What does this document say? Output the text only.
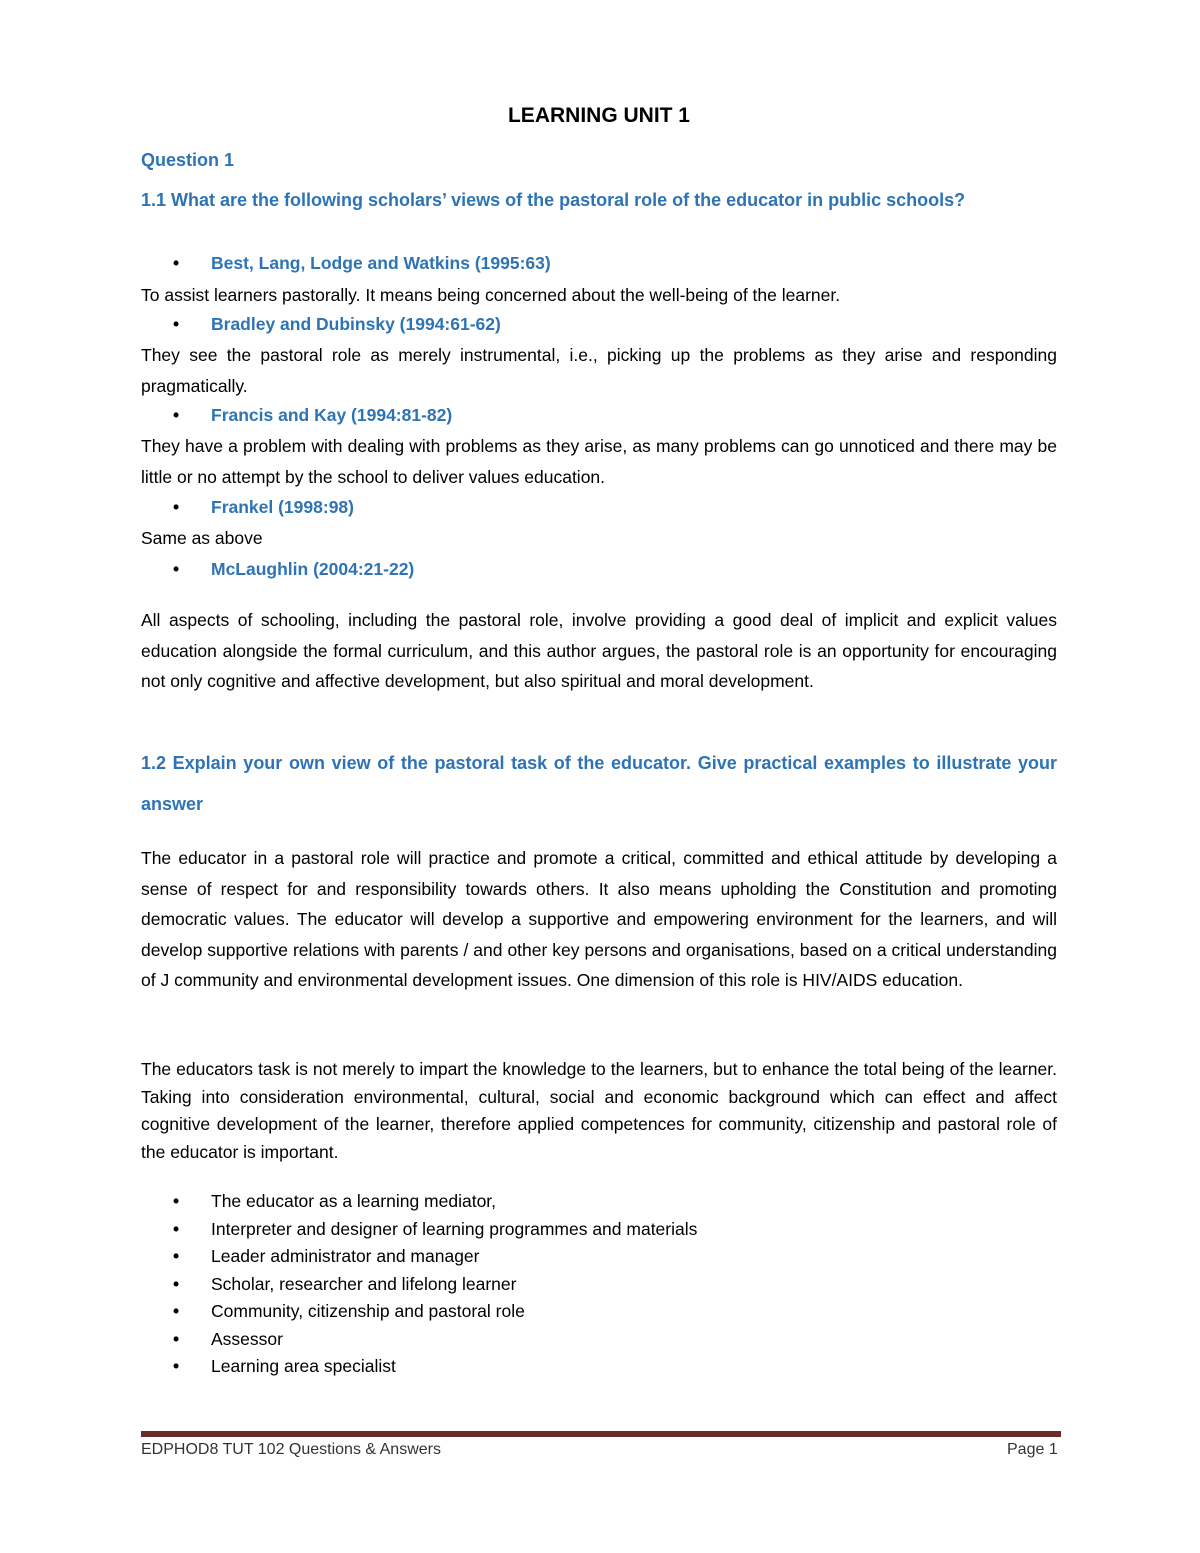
LEARNING UNIT 1
Question 1
1.1 What are the following scholars’ views of the pastoral role of the educator in public schools?
• Best, Lang, Lodge and Watkins (1995:63)
To assist learners pastorally. It means being concerned about the well-being of the learner.
• Bradley and Dubinsky (1994:61-62)
They see the pastoral role as merely instrumental, i.e., picking up the problems as they arise and responding pragmatically.
• Francis and Kay (1994:81-82)
They have a problem with dealing with problems as they arise, as many problems can go unnoticed and there may be little or no attempt by the school to deliver values education.
• Frankel (1998:98)
Same as above
• McLaughlin (2004:21-22)
All aspects of schooling, including the pastoral role, involve providing a good deal of implicit and explicit values education alongside the formal curriculum, and this author argues, the pastoral role is an opportunity for encouraging not only cognitive and affective development, but also spiritual and moral development.
1.2 Explain your own view of the pastoral task of the educator. Give practical examples to illustrate your answer
The educator in a pastoral role will practice and promote a critical, committed and ethical attitude by developing a sense of respect for and responsibility towards others. It also means upholding the Constitution and promoting democratic values. The educator will develop a supportive and empowering environment for the learners, and will develop supportive relations with parents / and other key persons and organisations, based on a critical understanding of J community and environmental development issues. One dimension of this role is HIV/AIDS education.
The educators task is not merely to impart the knowledge to the learners, but to enhance the total being of the learner. Taking into consideration environmental, cultural, social and economic background which can effect and affect cognitive development of the learner, therefore applied competences for community, citizenship and pastoral role of the educator is important.
• The educator as a learning mediator,
• Interpreter and designer of learning programmes and materials
• Leader administrator and manager
• Scholar, researcher and lifelong learner
• Community, citizenship and pastoral role
• Assessor
• Learning area specialist
EDPHOD8 TUT 102 Questions & Answers	Page 1
